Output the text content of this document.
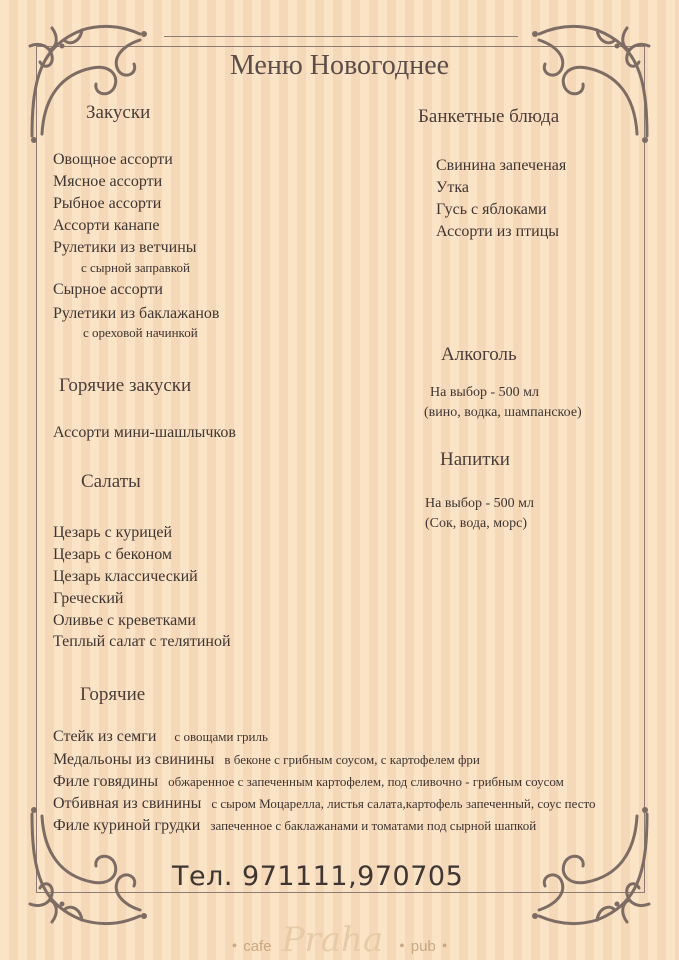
Меню Новогоднее
Закуски
Овощное ассорти
Мясное ассорти
Рыбное ассорти
Ассорти канапе
Рулетики из ветчины
с сырной заправкой
Сырное ассорти
Рулетики из баклажанов
с ореховой начинкой
Горячие закуски
Ассорти мини-шашлычков
Салаты
Цезарь с курицей
Цезарь с беконом
Цезарь классический
Греческий
Оливье с креветками
Теплый салат с телятиной
Горячие
Стейк из семги с овощами гриль
Медальоны из свинины в беконе с грибным соусом, с картофелем фри
Филе говядины обжаренное с запеченным картофелем, под сливочно - грибным соусом
Отбивная из свинины с сыром Моцарелла, листья салата,картофель запеченный, соус песто
Филе куриной грудки запеченное с баклажанами и томатами под сырной шапкой
Банкетные блюда
Свинина запеченая
Утка
Гусь с яблоками
Ассорти из птицы
Алкоголь
На выбор - 500 мл
(вино, водка, шампанское)
Напитки
На выбор - 500 мл
(Сок, вода, морс)
Тел. 971111,970705
• cafe Praha • pub •
